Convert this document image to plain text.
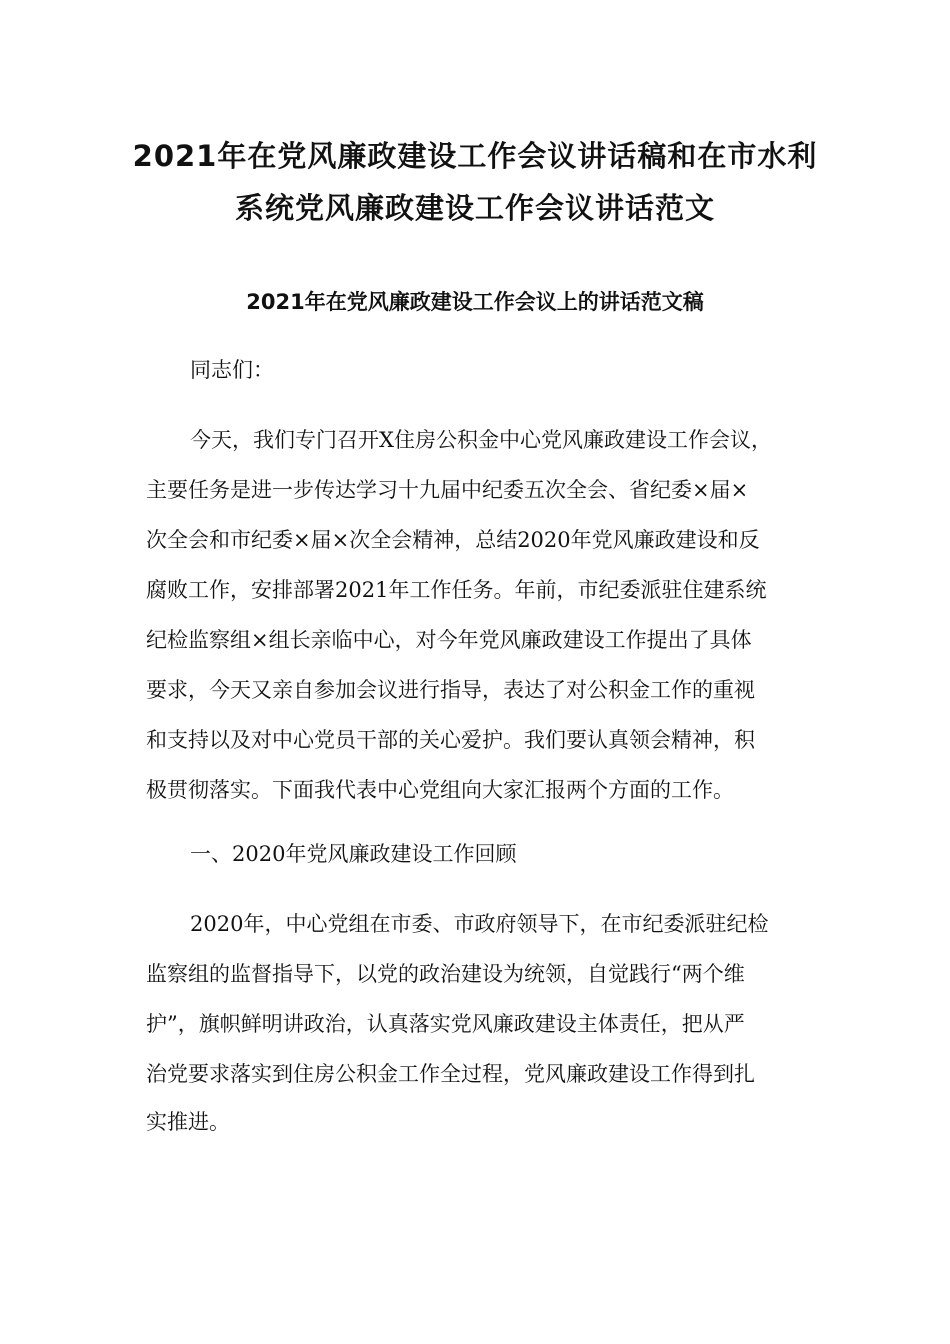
2021年在党风廉政建设工作会议讲话稿和在市水利
系统党风廉政建设工作会议讲话范文
2021年在党风廉政建设工作会议上的讲话范文稿

同志们：

今天，我们专门召开X住房公积金中心党风廉政建设工作会议，

主要任务是进一步传达学习十九届中纪委五次全会、省纪委×届×

次全会和市纪委×届×次全会精神，总结2020年党风廉政建设和反

腐败工作，安排部署2021年工作任务。年前，市纪委派驻住建系统

纪检监察组×组长亲临中心，对今年党风廉政建设工作提出了具体

要求，今天又亲自参加会议进行指导，表达了对公积金工作的重视

和支持以及对中心党员干部的关心爱护。我们要认真领会精神，积

极贯彻落实。下面我代表中心党组向大家汇报两个方面的工作。

一、2020年党风廉政建设工作回顾

2020年，中心党组在市委、市政府领导下，在市纪委派驻纪检

监察组的监督指导下，以党的政治建设为统领，自觉践行“两个维

护”，旗帜鲜明讲政治，认真落实党风廉政建设主体责任，把从严

治党要求落实到住房公积金工作全过程，党风廉政建设工作得到扎

实推进。
